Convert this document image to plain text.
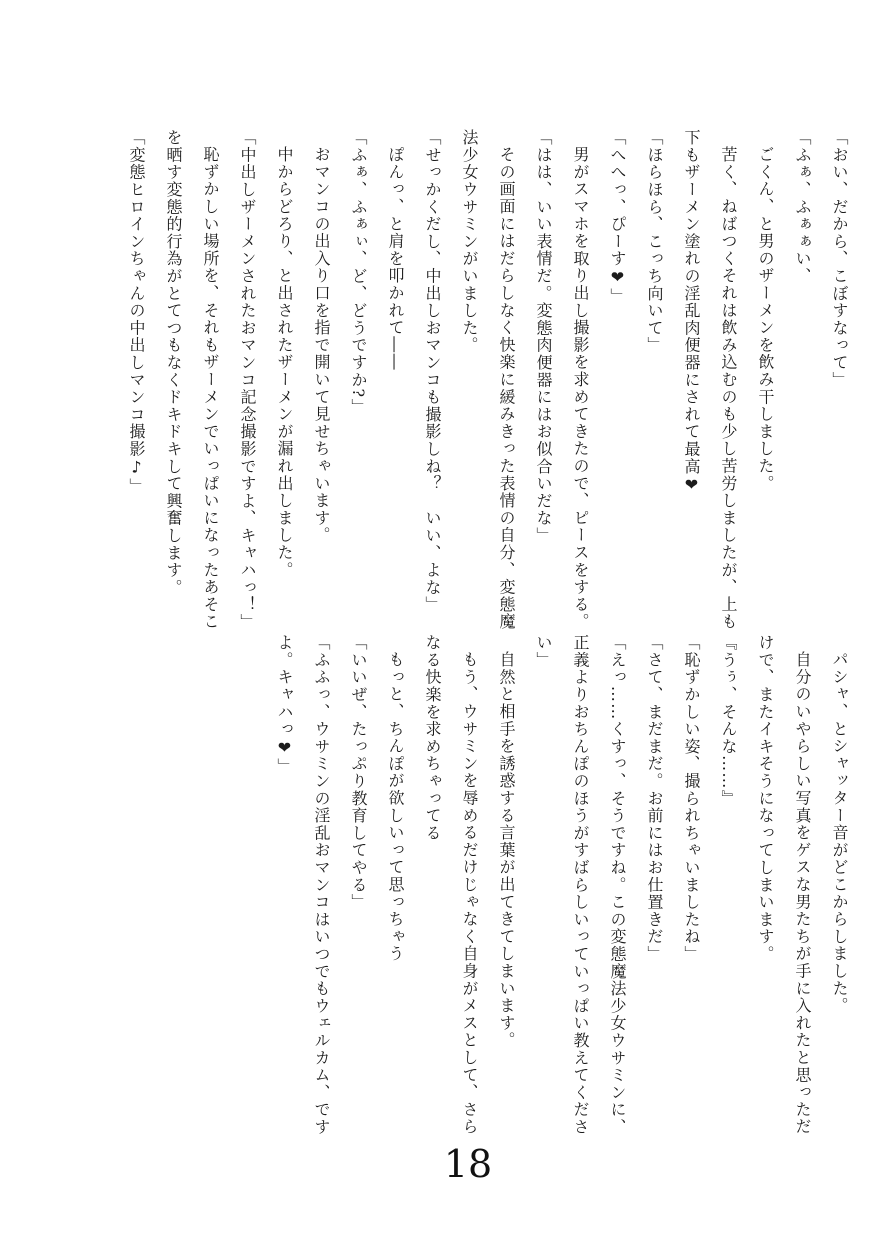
「おい、だから、こぼすなって」
「ふぁ、ふぁぁい、
ごくん、と男のザーメンを飲み干しました。
苦く、ねばつくそれは飲み込むのも少し苦労しましたが、上も
下もザーメン塗れの淫乱肉便器にされて最高❤
「ほらほら、こっち向いて」
「へへっ、ぴーす❤」
男がスマホを取り出し撮影を求めてきたので、ピースをする。
「はは、いい表情だ。変態肉便器にはお似合いだな」
その画面にはだらしなく快楽に緩みきった表情の自分、変態魔
法少女ウサミンがいました。
「せっかくだし、中出しおマンコも撮影しね？　いい、よな」
ぽんっ、と肩を叩かれて――
「ふぁ、ふぁぃ、ど、どうですか?」
おマンコの出入り口を指で開いて見せちゃいます。
中からどろり、と出されたザーメンが漏れ出しました。
「中出しザーメンされたおマンコ記念撮影ですよ、キャハっ！」
恥ずかしい場所を、それもザーメンでいっぱいになったあそこ
を晒す変態的行為がとてつもなくドキドキして興奮します。
「変態ヒロインちゃんの中出しマンコ撮影♪」
パシャ、とシャッター音がどこからしました。
自分のいやらしい写真をゲスな男たちが手に入れたと思っただ
けで、またイキそうになってしまいます。
『うぅ、そんな……』
「恥ずかしい姿、撮られちゃいましたね」
「さて、まだまだ。お前にはお仕置きだ」
「えっ……くすっ、そうですね。この変態魔法少女ウサミンに、
正義よりおちんぽのほうがすばらしいっていっぱい教えてくださ
い」
自然と相手を誘惑する言葉が出てきてしまいます。
もう、ウサミンを辱めるだけじゃなく自身がメスとして、さら
なる快楽を求めちゃってる
もっと、ちんぽが欲しいって思っちゃう
「いいぜ、たっぷり教育してやる」
「ふふっ、ウサミンの淫乱おマンコはいつでもウェルカム、です
よ。キャハっ❤」
18
